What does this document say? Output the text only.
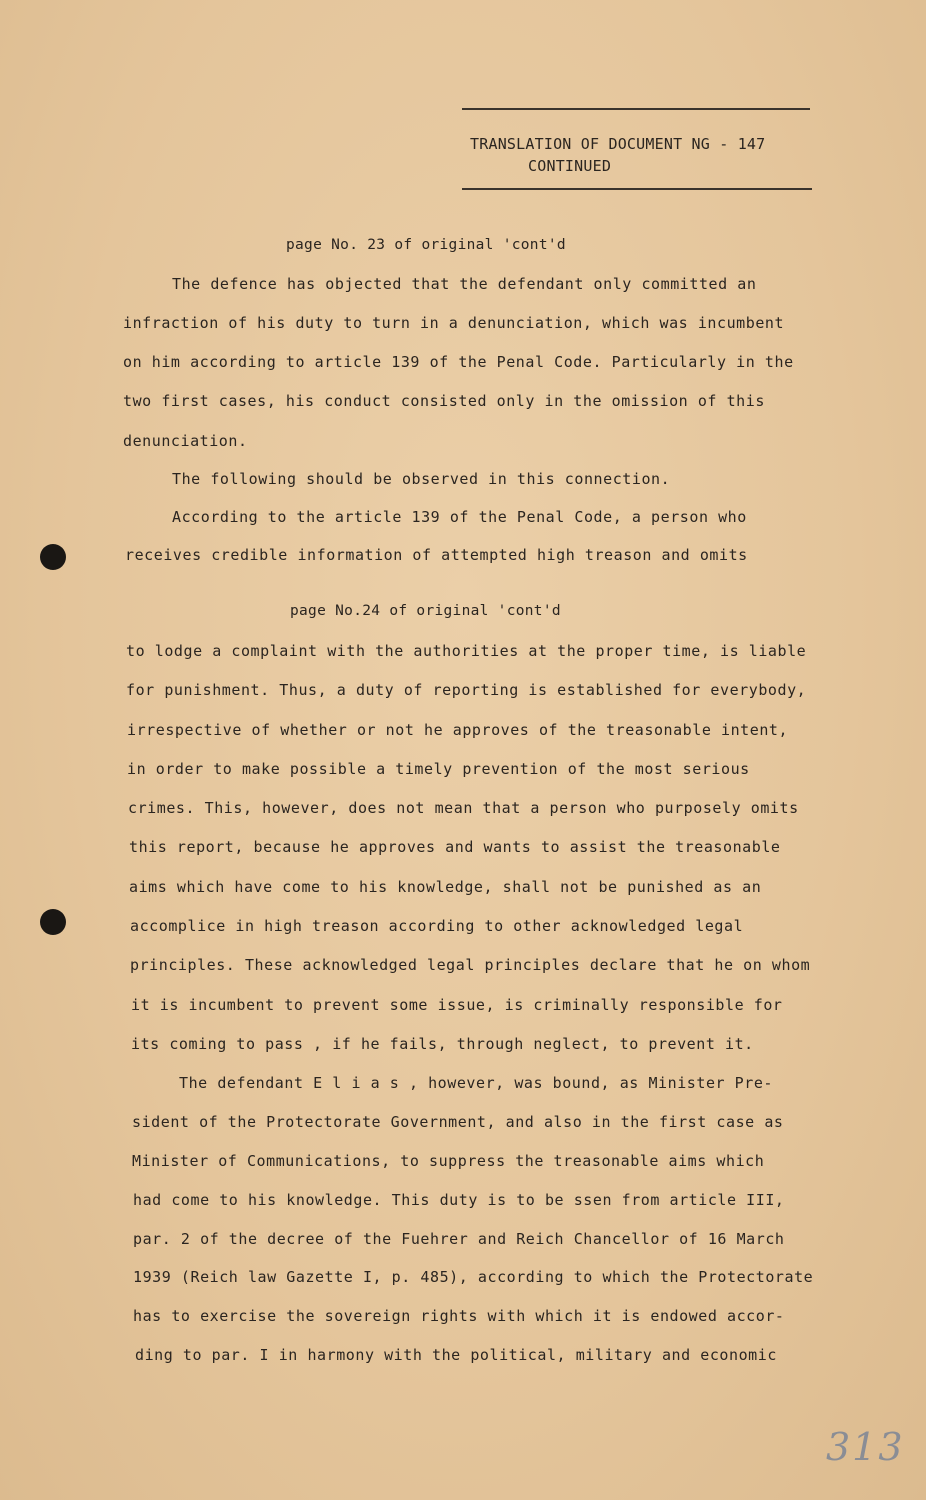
TRANSLATION OF DOCUMENT NG - 147
CONTINUED
page No. 23 of original 'cont'd
The defence has objected that the defendant only committed an
infraction of his duty to turn in a denunciation, which was incumbent
on him according to article 139 of the Penal Code. Particularly in the
two first cases, his conduct consisted only in the omission of this
denunciation.
The following should be observed in this connection.
According to the article 139 of the Penal Code, a person who
receives credible information of attempted high treason and omits
page No.24 of original 'cont'd
to lodge a complaint with the authorities at the proper time, is liable
for punishment. Thus, a duty of reporting is established for everybody,
irrespective of whether or not he approves of the treasonable intent,
in order to make possible a timely prevention of the most serious
crimes. This, however, does not mean that a person who purposely omits
this report, because he approves and wants to assist the treasonable
aims which have come to his knowledge, shall not be punished as an
accomplice in high treason according to other acknowledged legal
principles. These acknowledged legal principles declare that he on whom
it is incumbent to prevent some issue, is criminally responsible for
its coming to pass , if he fails, through neglect, to prevent it.
The defendant E l i a s , however, was bound, as Minister Pre-
sident of the Protectorate Government, and also in the first case as
Minister of Communications, to suppress the treasonable aims which
had come to his knowledge. This duty is to be ssen from article III,
par. 2 of the decree of the Fuehrer and Reich Chancellor of 16 March
1939 (Reich law Gazette I, p. 485), according to which the Protectorate
has to exercise the sovereign rights with which it is endowed accor-
ding to par. I in harmony with the political, military and economic
313
